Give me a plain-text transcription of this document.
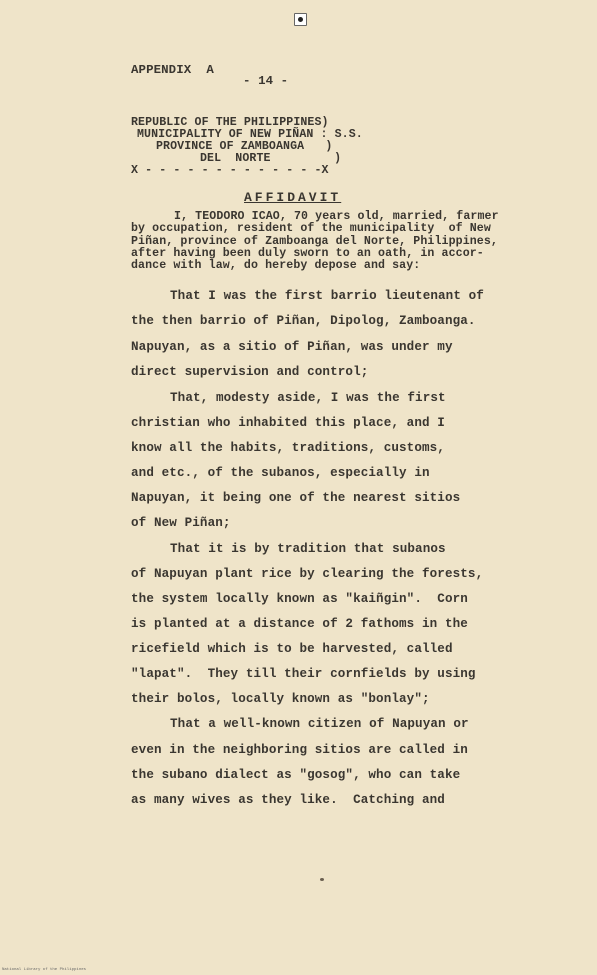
APPENDIX  A
- 14 -
REPUBLIC OF THE PHILIPPINES)
MUNICIPALITY OF NEW PIÑAN : S.S.
PROVINCE OF ZAMBOANGA   )
DEL  NORTE         )
X - - - - - - - - - - - - -X
AFFIDAVIT
I, TEODORO ICAO, 70 years old, married, farmer
by occupation, resident of the municipality  of New
Piñan, province of Zamboanga del Norte, Philippines,
after having been duly sworn to an oath, in accor-
dance with law, do hereby depose and say:
That I was the first barrio lieutenant of
the then barrio of Piñan, Dipolog, Zamboanga.
Napuyan, as a sitio of Piñan, was under my
direct supervision and control;
That, modesty aside, I was the first
christian who inhabited this place, and I
know all the habits, traditions, customs,
and etc., of the subanos, especially in
Napuyan, it being one of the nearest sitios
of New Piñan;
That it is by tradition that subanos
of Napuyan plant rice by clearing the forests,
the system locally known as "kaiñgin".  Corn
is planted at a distance of 2 fathoms in the
ricefield which is to be harvested, called
"lapat".  They till their cornfields by using
their bolos, locally known as "bonlay";
That a well-known citizen of Napuyan or
even in the neighboring sitios are called in
the subano dialect as "gosog", who can take
as many wives as they like.  Catching and
National Library of the Philippines
